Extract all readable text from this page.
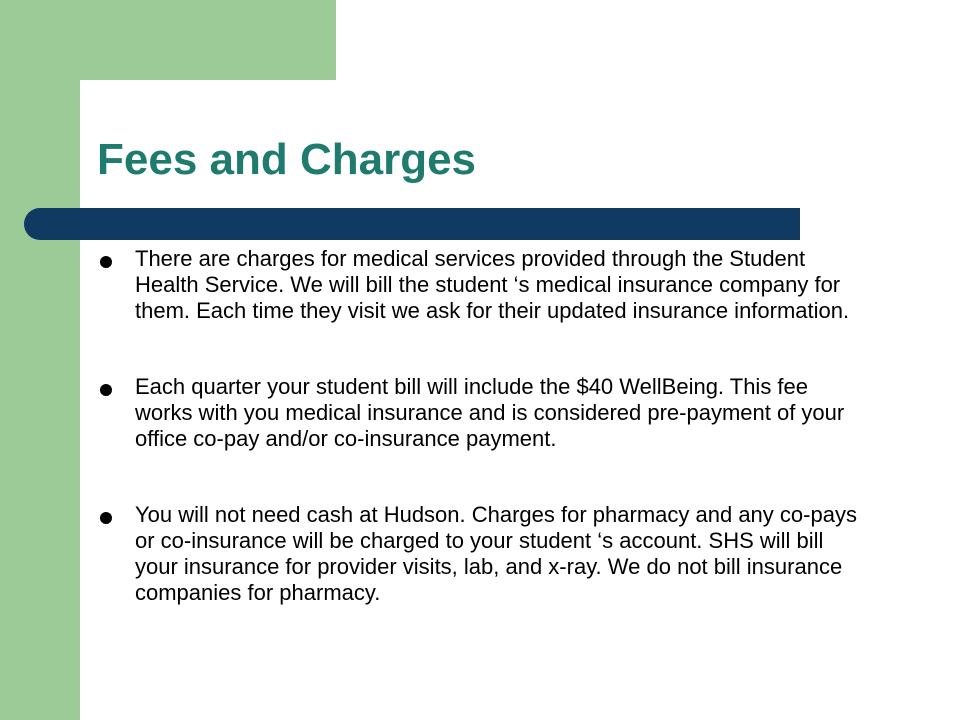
Fees and Charges
There are charges for medical services provided through the Student Health Service. We will bill the student ‘s medical insurance company for them. Each time they visit we ask for their updated insurance information.
Each quarter your student bill will include the $40 WellBeing. This fee works with you medical insurance and is considered pre-payment of your office co-pay and/or co-insurance payment.
You will not need cash at Hudson. Charges for pharmacy and any co-pays or co-insurance will be charged to your student ‘s account. SHS will bill your insurance for provider visits, lab, and x-ray. We do not bill insurance companies for pharmacy.
